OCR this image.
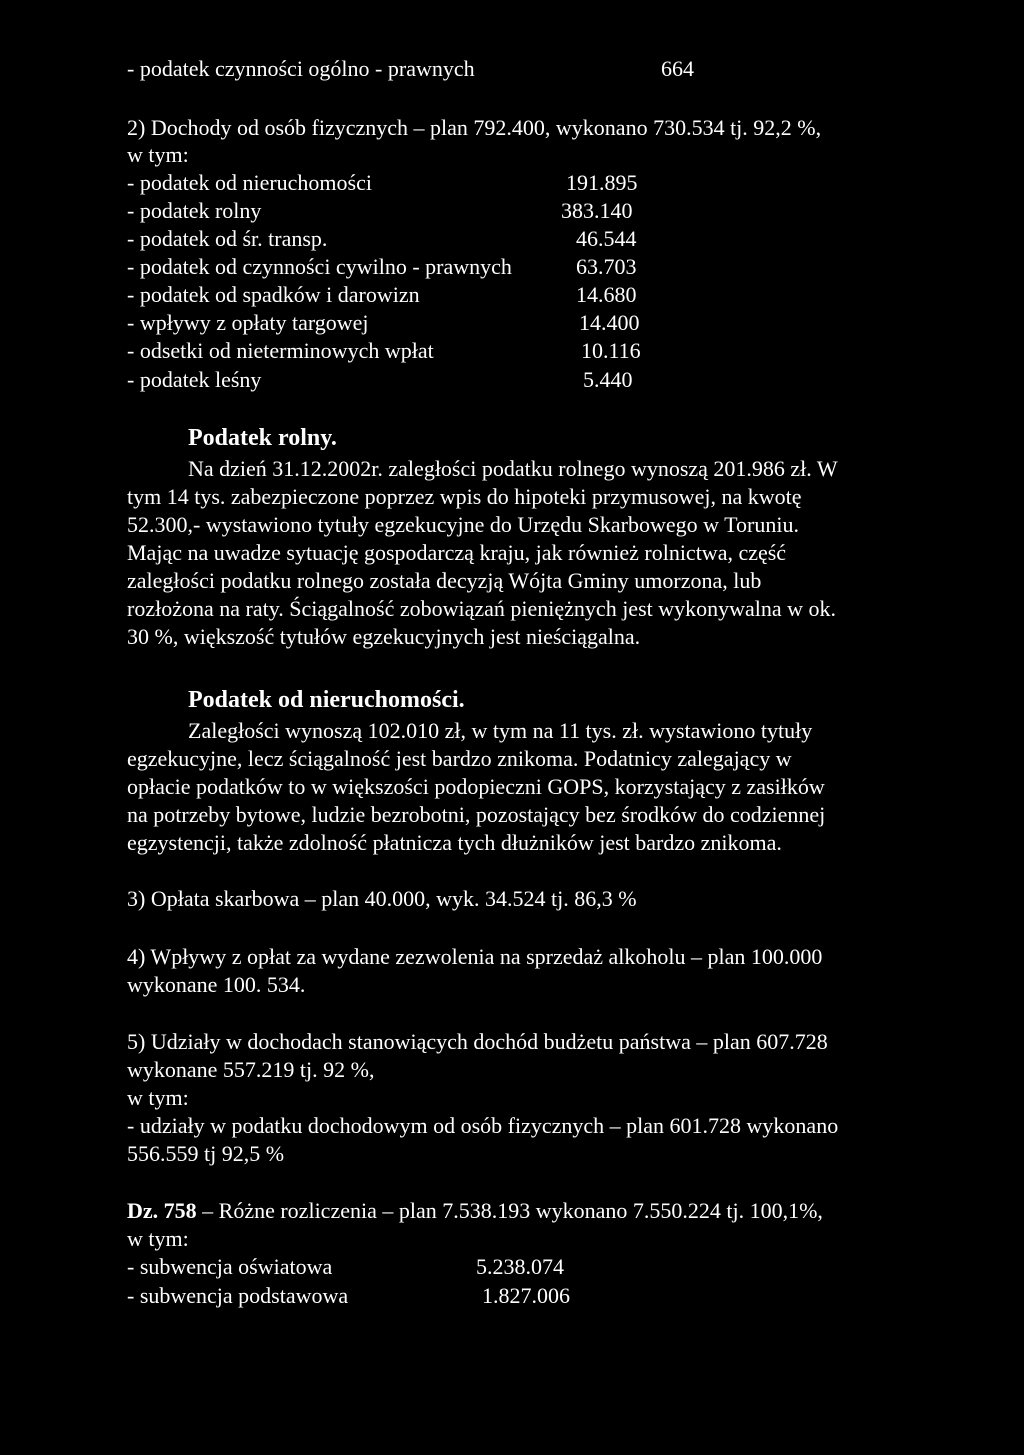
- podatek czynności ogólno - prawnych	664
2) Dochody od osób fizycznych – plan 792.400, wykonano 730.534 tj. 92,2 %,
w tym:
- podatek od nieruchomości	191.895
- podatek rolny	383.140
- podatek od śr. transp.	46.544
- podatek od czynności cywilno - prawnych	63.703
- podatek od spadków i darowizn	14.680
- wpływy z opłaty targowej	14.400
- odsetki od nieterminowych wpłat	10.116
- podatek leśny	5.440
Podatek rolny.
Na dzień 31.12.2002r. zaległości podatku rolnego wynoszą 201.986 zł. W
tym 14 tys. zabezpieczone poprzez wpis do hipoteki przymusowej, na kwotę
52.300,- wystawiono tytuły egzekucyjne do Urzędu Skarbowego w Toruniu.
Mając na uwadze sytuację gospodarczą kraju, jak również rolnictwa, część
zaległości podatku rolnego została decyzją Wójta Gminy umorzona, lub
rozłożona na raty. Ściągalność zobowiązań pieniężnych jest wykonywalna w ok.
30 %, większość tytułów egzekucyjnych jest nieściągalna.
Podatek od nieruchomości.
Zaległości wynoszą 102.010 zł, w tym na 11 tys. zł. wystawiono tytuły
egzekucyjne, lecz ściągalność jest bardzo znikoma. Podatnicy zalegający w
opłacie podatków to w większości podopieczni GOPS, korzystający z zasiłków
na potrzeby bytowe, ludzie bezrobotni, pozostający bez środków do codziennej
egzystencji, także zdolność płatnicza tych dłużników jest bardzo znikoma.
3) Opłata skarbowa – plan 40.000, wyk. 34.524 tj. 86,3 %
4) Wpływy z opłat za wydane zezwolenia na sprzedaż alkoholu – plan 100.000
wykonane 100. 534.
5) Udziały w dochodach stanowiących dochód budżetu państwa – plan 607.728
wykonane 557.219 tj. 92 %,
w tym:
- udziały w podatku dochodowym od osób fizycznych – plan 601.728 wykonano
556.559 tj 92,5 %
Dz. 758 – Różne rozliczenia – plan 7.538.193 wykonano 7.550.224 tj. 100,1%,
w tym:
- subwencja oświatowa	5.238.074
- subwencja podstawowa	1.827.006
